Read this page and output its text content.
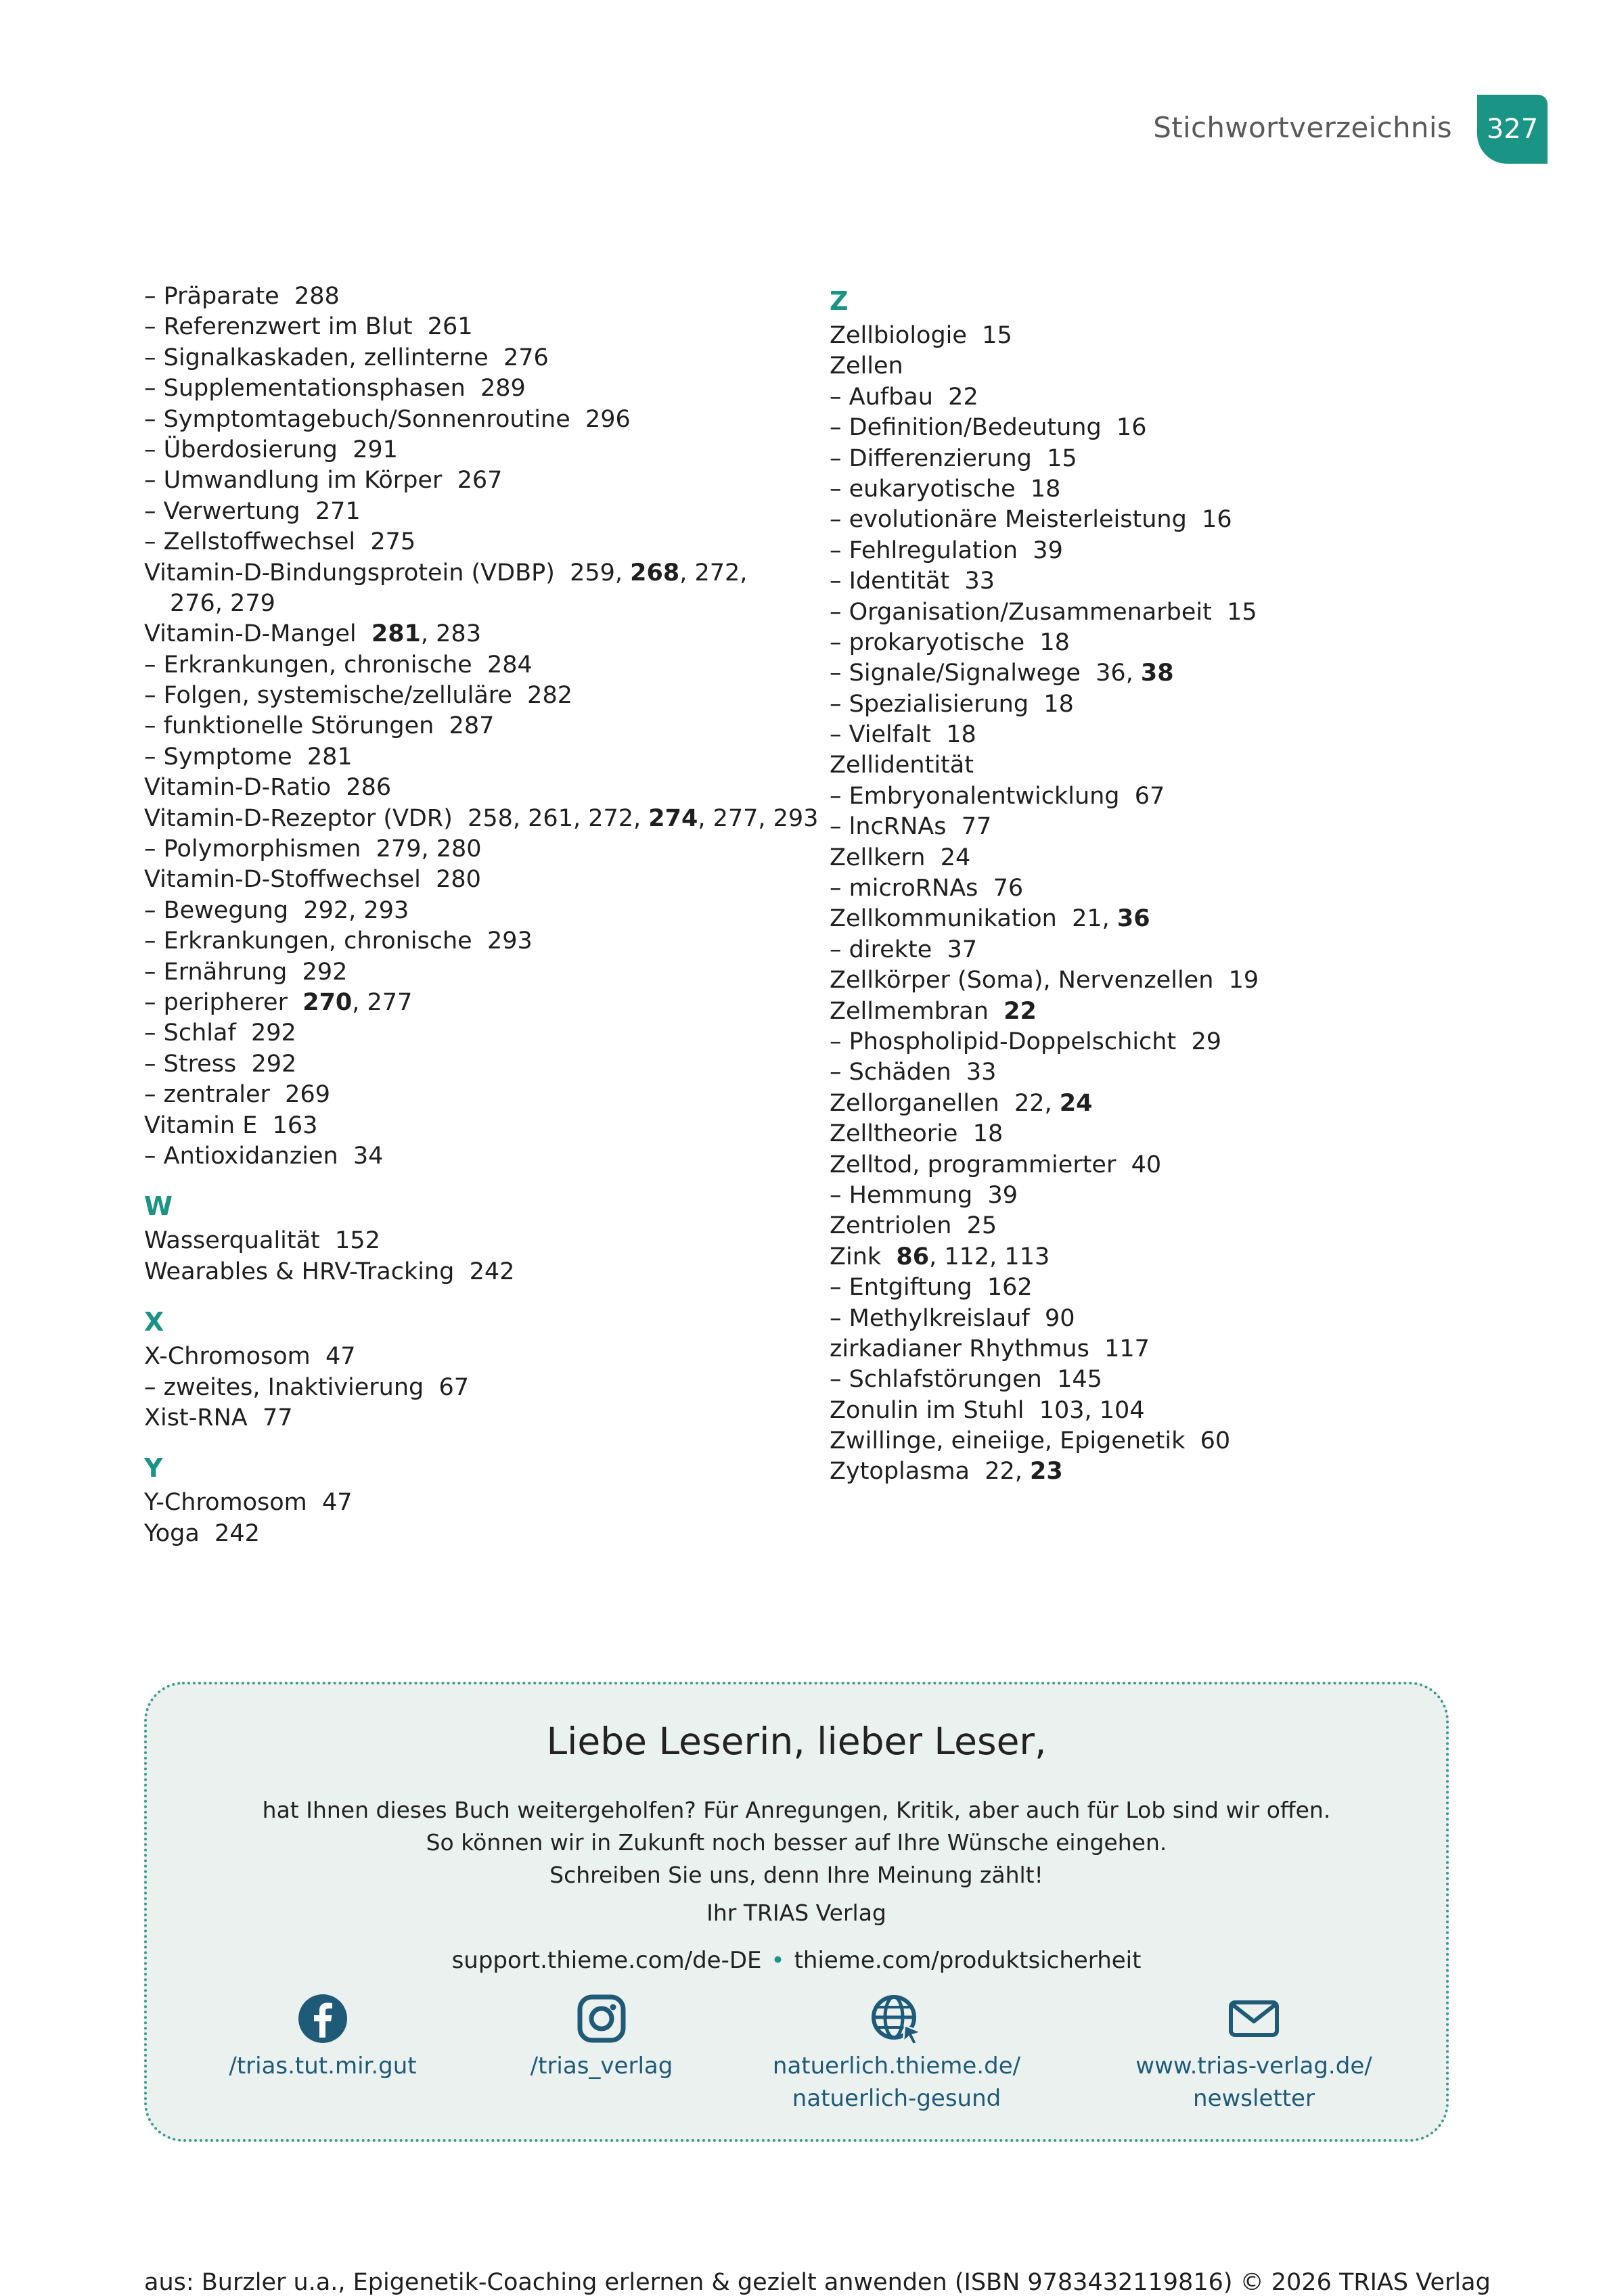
Stichwortverzeichnis	327
– Präparate  288
– Referenzwert im Blut  261
– Signalkaskaden, zellinterne  276
– Supplementationsphasen  289
– Symptomtagebuch/Sonnenroutine  296
– Überdosierung  291
– Umwandlung im Körper  267
– Verwertung  271
– Zellstoffwechsel  275
Vitamin-D-Bindungsprotein (VDBP)  259, 268, 272,
276, 279
Vitamin-D-Mangel  281, 283
– Erkrankungen, chronische  284
– Folgen, systemische/zelluläre  282
– funktionelle Störungen  287
– Symptome  281
Vitamin-D-Ratio  286
Vitamin-D-Rezeptor (VDR)  258, 261, 272, 274, 277, 293
– Polymorphismen  279, 280
Vitamin-D-Stoffwechsel  280
– Bewegung  292, 293
– Erkrankungen, chronische  293
– Ernährung  292
– peripherer  270, 277
– Schlaf  292
– Stress  292
– zentraler  269
Vitamin E  163
– Antioxidanzien  34
W
Wasserqualität  152
Wearables & HRV-Tracking  242
X
X-Chromosom  47
– zweites, Inaktivierung  67
Xist-RNA  77
Y
Y-Chromosom  47
Yoga  242
Z
Zellbiologie  15
Zellen
– Aufbau  22
– Definition/Bedeutung  16
– Differenzierung  15
– eukaryotische  18
– evolutionäre Meisterleistung  16
– Fehlregulation  39
– Identität  33
– Organisation/Zusammenarbeit  15
– prokaryotische  18
– Signale/Signalwege  36, 38
– Spezialisierung  18
– Vielfalt  18
Zellidentität
– Embryonalentwicklung  67
– lncRNAs  77
Zellkern  24
– microRNAs  76
Zellkommunikation  21, 36
– direkte  37
Zellkörper (Soma), Nervenzellen  19
Zellmembran  22
– Phospholipid-Doppelschicht  29
– Schäden  33
Zellorganellen  22, 24
Zelltheorie  18
Zelltod, programmierter  40
– Hemmung  39
Zentriolen  25
Zink  86, 112, 113
– Entgiftung  162
– Methylkreislauf  90
zirkadianer Rhythmus  117
– Schlafstörungen  145
Zonulin im Stuhl  103, 104
Zwillinge, eineiige, Epigenetik  60
Zytoplasma  22, 23
Liebe Leserin, lieber Leser,
hat Ihnen dieses Buch weitergeholfen? Für Anregungen, Kritik, aber auch für Lob sind wir offen.
So können wir in Zukunft noch besser auf Ihre Wünsche eingehen.
Schreiben Sie uns, denn Ihre Meinung zählt!
Ihr TRIAS Verlag
support.thieme.com/de-DE • thieme.com/produktsicherheit
/trias.tut.mir.gut	/trias_verlag	natuerlich.thieme.de/
natuerlich-gesund
www.trias-verlag.de/
newsletter
aus: Burzler u.a., Epigenetik-Coaching erlernen & gezielt anwenden (ISBN 9783432119816) © 2026 TRIAS Verlag
